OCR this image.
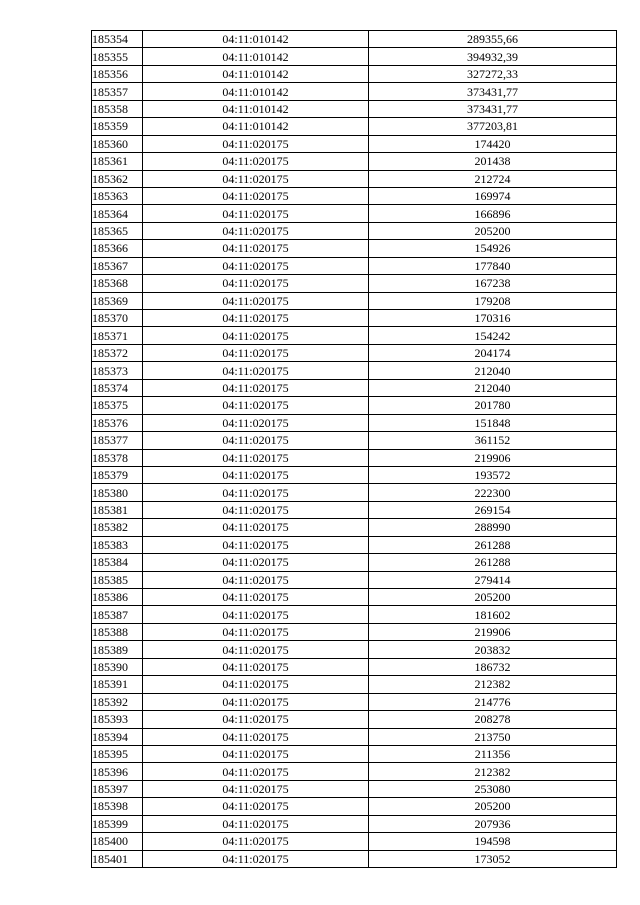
185354	04:11:010142	289355,66
185355	04:11:010142	394932,39
185356	04:11:010142	327272,33
185357	04:11:010142	373431,77
185358	04:11:010142	373431,77
185359	04:11:010142	377203,81
185360	04:11:020175	174420
185361	04:11:020175	201438
185362	04:11:020175	212724
185363	04:11:020175	169974
185364	04:11:020175	166896
185365	04:11:020175	205200
185366	04:11:020175	154926
185367	04:11:020175	177840
185368	04:11:020175	167238
185369	04:11:020175	179208
185370	04:11:020175	170316
185371	04:11:020175	154242
185372	04:11:020175	204174
185373	04:11:020175	212040
185374	04:11:020175	212040
185375	04:11:020175	201780
185376	04:11:020175	151848
185377	04:11:020175	361152
185378	04:11:020175	219906
185379	04:11:020175	193572
185380	04:11:020175	222300
185381	04:11:020175	269154
185382	04:11:020175	288990
185383	04:11:020175	261288
185384	04:11:020175	261288
185385	04:11:020175	279414
185386	04:11:020175	205200
185387	04:11:020175	181602
185388	04:11:020175	219906
185389	04:11:020175	203832
185390	04:11:020175	186732
185391	04:11:020175	212382
185392	04:11:020175	214776
185393	04:11:020175	208278
185394	04:11:020175	213750
185395	04:11:020175	211356
185396	04:11:020175	212382
185397	04:11:020175	253080
185398	04:11:020175	205200
185399	04:11:020175	207936
185400	04:11:020175	194598
185401	04:11:020175	173052
